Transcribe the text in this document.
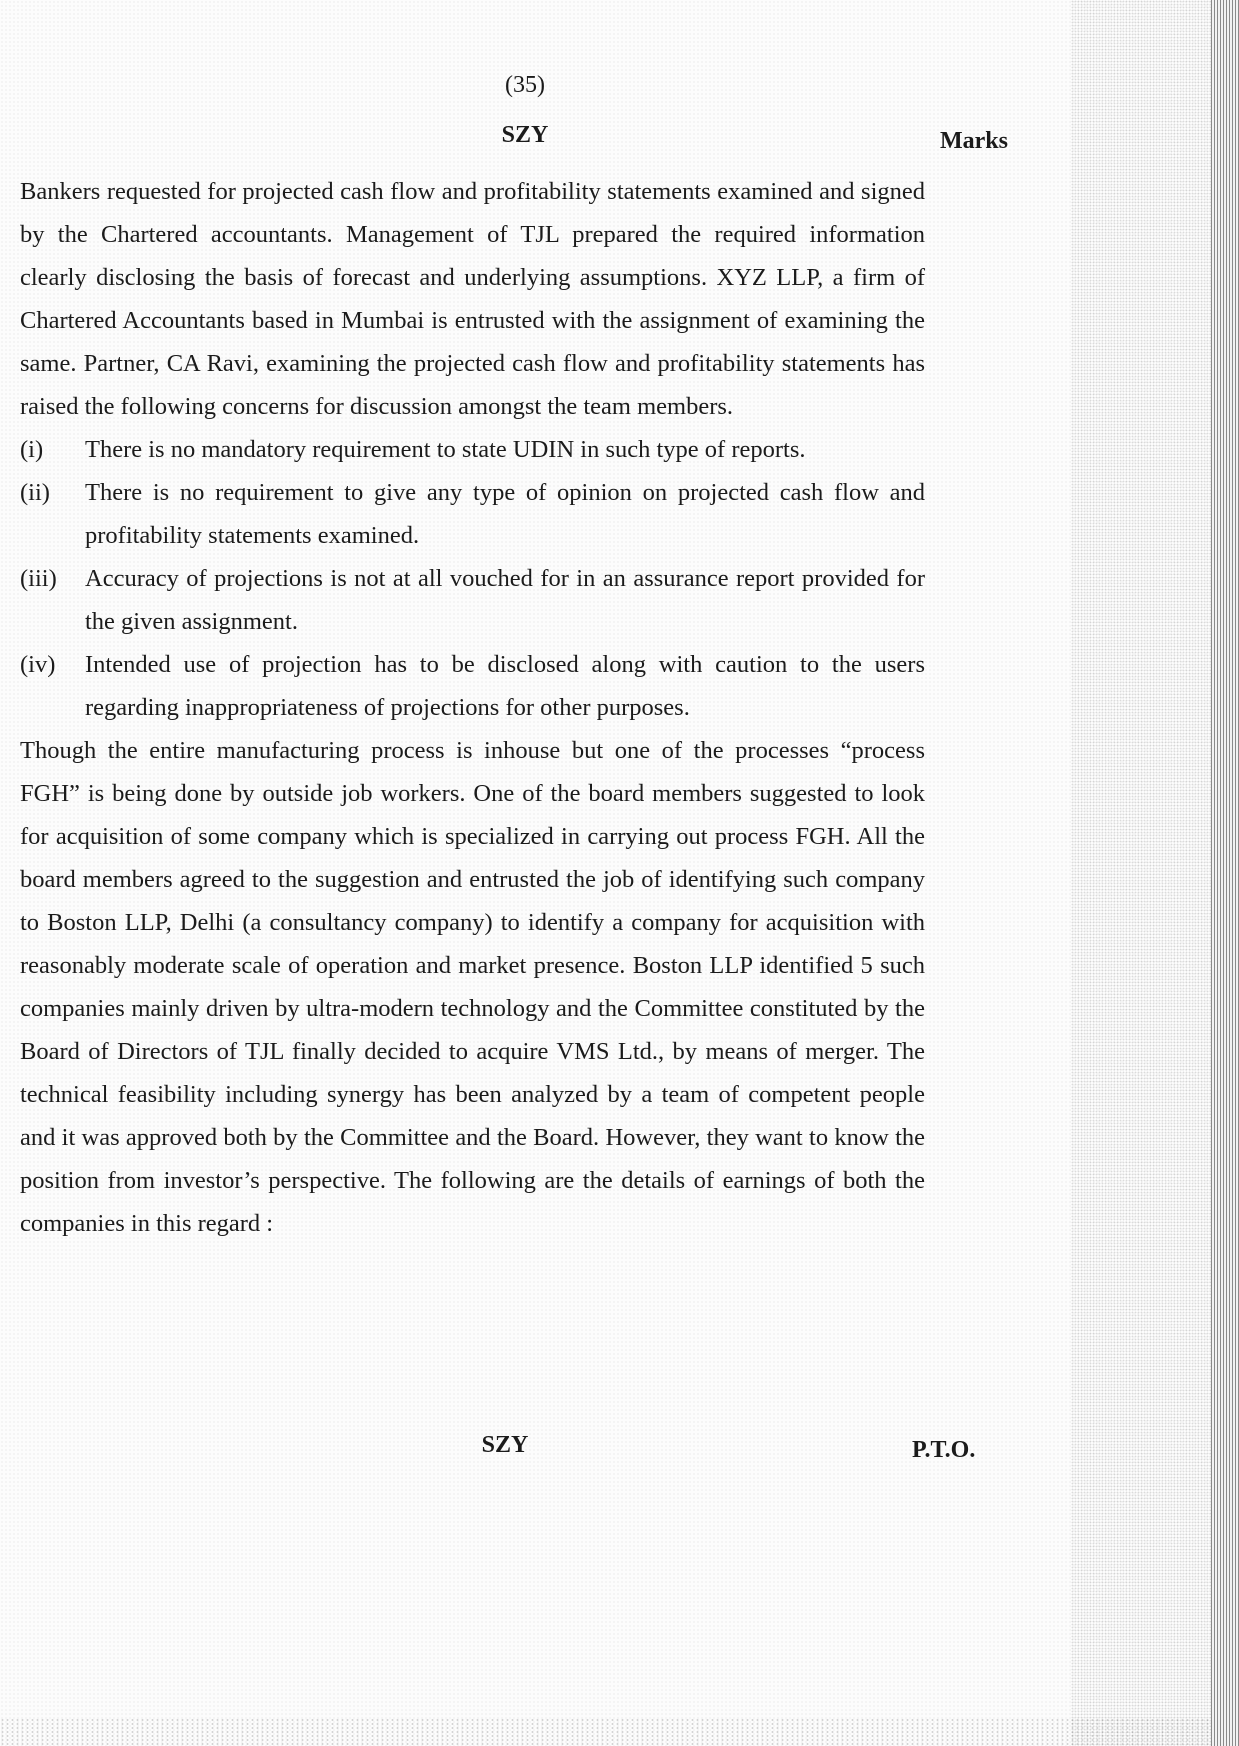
(35)
SZY	Marks

Bankers requested for projected cash flow and profitability statements examined and signed by the Chartered accountants. Management of TJL prepared the required information clearly disclosing the basis of forecast and underlying assumptions. XYZ LLP, a firm of Chartered Accountants based in Mumbai is entrusted with the assignment of examining the same. Partner, CA Ravi, examining the projected cash flow and profitability statements has raised the following concerns for discussion amongst the team members.

(i)	There is no mandatory requirement to state UDIN in such type of reports.
(ii)	There is no requirement to give any type of opinion on projected cash flow and profitability statements examined.
(iii)	Accuracy of projections is not at all vouched for in an assurance report provided for the given assignment.
(iv)	Intended use of projection has to be disclosed along with caution to the users regarding inappropriateness of projections for other purposes.

Though the entire manufacturing process is inhouse but one of the processes “process FGH” is being done by outside job workers. One of the board members suggested to look for acquisition of some company which is specialized in carrying out process FGH. All the board members agreed to the suggestion and entrusted the job of identifying such company to Boston LLP, Delhi (a consultancy company) to identify a company for acquisition with reasonably moderate scale of operation and market presence. Boston LLP identified 5 such companies mainly driven by ultra-modern technology and the Committee constituted by the Board of Directors of TJL finally decided to acquire VMS Ltd., by means of merger. The technical feasibility including synergy has been analyzed by a team of competent people and it was approved both by the Committee and the Board. However, they want to know the position from investor’s perspective. The following are the details of earnings of both the companies in this regard :

SZY	P.T.O.
